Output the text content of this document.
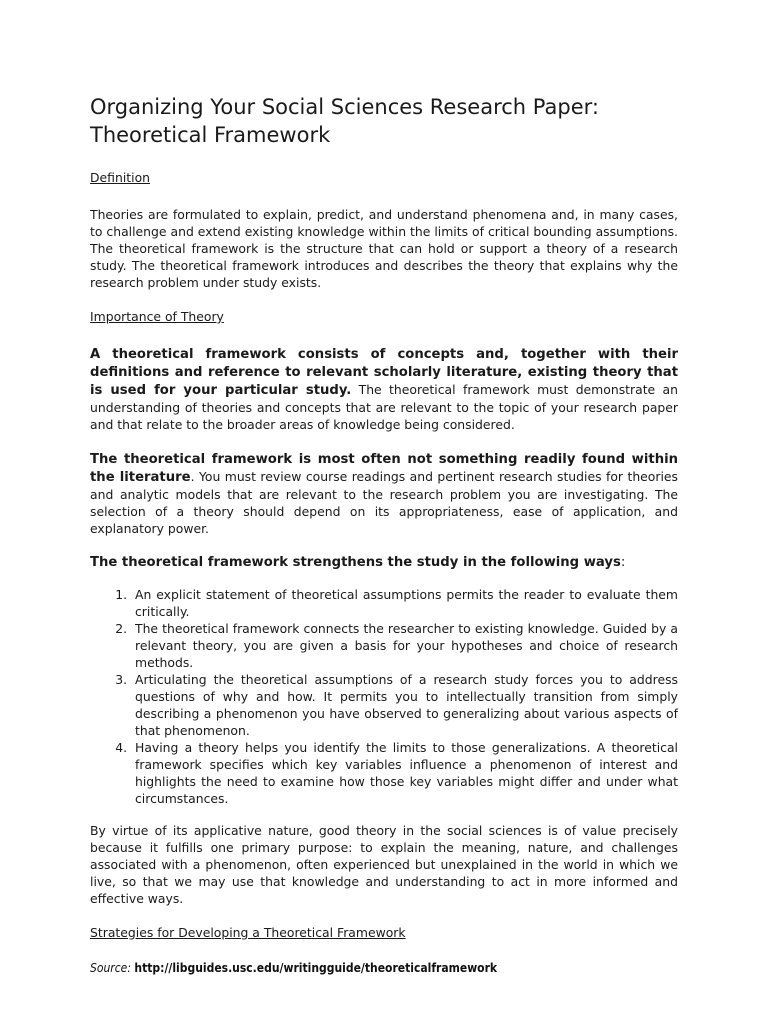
Organizing Your Social Sciences Research Paper:
Theoretical Framework
Definition

Theories are formulated to explain, predict, and understand phenomena and, in many cases, to challenge and extend existing knowledge within the limits of critical bounding assumptions. The theoretical framework is the structure that can hold or support a theory of a research study. The theoretical framework introduces and describes the theory that explains why the research problem under study exists.

Importance of Theory

A theoretical framework consists of concepts and, together with their definitions and reference to relevant scholarly literature, existing theory that is used for your particular study. The theoretical framework must demonstrate an understanding of theories and concepts that are relevant to the topic of your research paper and that relate to the broader areas of knowledge being considered.

The theoretical framework is most often not something readily found within the literature. You must review course readings and pertinent research studies for theories and analytic models that are relevant to the research problem you are investigating. The selection of a theory should depend on its appropriateness, ease of application, and explanatory power.

The theoretical framework strengthens the study in the following ways:

1. An explicit statement of theoretical assumptions permits the reader to evaluate them critically.
2. The theoretical framework connects the researcher to existing knowledge. Guided by a relevant theory, you are given a basis for your hypotheses and choice of research methods.
3. Articulating the theoretical assumptions of a research study forces you to address questions of why and how. It permits you to intellectually transition from simply describing a phenomenon you have observed to generalizing about various aspects of that phenomenon.
4. Having a theory helps you identify the limits to those generalizations. A theoretical framework specifies which key variables influence a phenomenon of interest and highlights the need to examine how those key variables might differ and under what circumstances.

By virtue of its applicative nature, good theory in the social sciences is of value precisely because it fulfills one primary purpose: to explain the meaning, nature, and challenges associated with a phenomenon, often experienced but unexplained in the world in which we live, so that we may use that knowledge and understanding to act in more informed and effective ways.

Strategies for Developing a Theoretical Framework
Source: http://libguides.usc.edu/writingguide/theoreticalframework
